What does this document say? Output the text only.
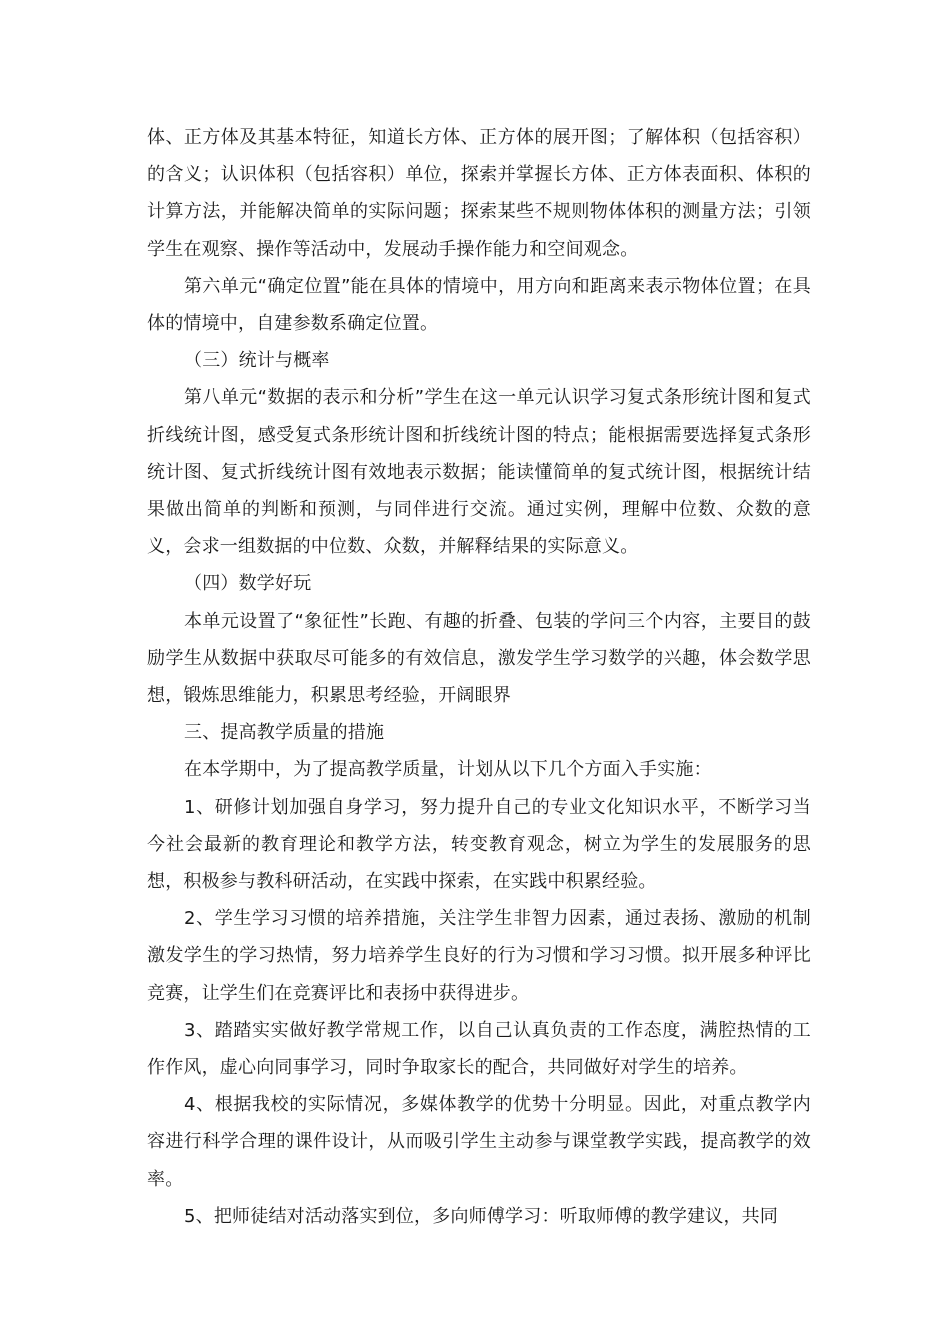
体、正方体及其基本特征，知道长方体、正方体的展开图；了解体积（包括容积）的含义；认识体积（包括容积）单位，探索并掌握长方体、正方体表面积、体积的计算方法，并能解决简单的实际问题；探索某些不规则物体体积的测量方法；引领学生在观察、操作等活动中，发展动手操作能力和空间观念。

第六单元“确定位置”能在具体的情境中，用方向和距离来表示物体位置；在具体的情境中，自建参数系确定位置。

（三）统计与概率

第八单元“数据的表示和分析”学生在这一单元认识学习复式条形统计图和复式折线统计图，感受复式条形统计图和折线统计图的特点；能根据需要选择复式条形统计图、复式折线统计图有效地表示数据；能读懂简单的复式统计图，根据统计结果做出简单的判断和预测，与同伴进行交流。通过实例，理解中位数、众数的意义，会求一组数据的中位数、众数，并解释结果的实际意义。

（四）数学好玩

本单元设置了“象征性”长跑、有趣的折叠、包装的学问三个内容，主要目的鼓励学生从数据中获取尽可能多的有效信息，激发学生学习数学的兴趣，体会数学思想，锻炼思维能力，积累思考经验，开阔眼界

三、提高教学质量的措施

在本学期中，为了提高教学质量，计划从以下几个方面入手实施：

1、研修计划加强自身学习，努力提升自己的专业文化知识水平，不断学习当今社会最新的教育理论和教学方法，转变教育观念，树立为学生的发展服务的思想，积极参与教科研活动，在实践中探索，在实践中积累经验。

2、学生学习习惯的培养措施，关注学生非智力因素，通过表扬、激励的机制激发学生的学习热情，努力培养学生良好的行为习惯和学习习惯。拟开展多种评比竞赛，让学生们在竞赛评比和表扬中获得进步。

3、踏踏实实做好教学常规工作，以自己认真负责的工作态度，满腔热情的工作作风，虚心向同事学习，同时争取家长的配合，共同做好对学生的培养。

4、根据我校的实际情况，多媒体教学的优势十分明显。因此，对重点教学内容进行科学合理的课件设计，从而吸引学生主动参与课堂教学实践，提高教学的效率。

5、把师徒结对活动落实到位，多向师傅学习：听取师傅的教学建议，共同
